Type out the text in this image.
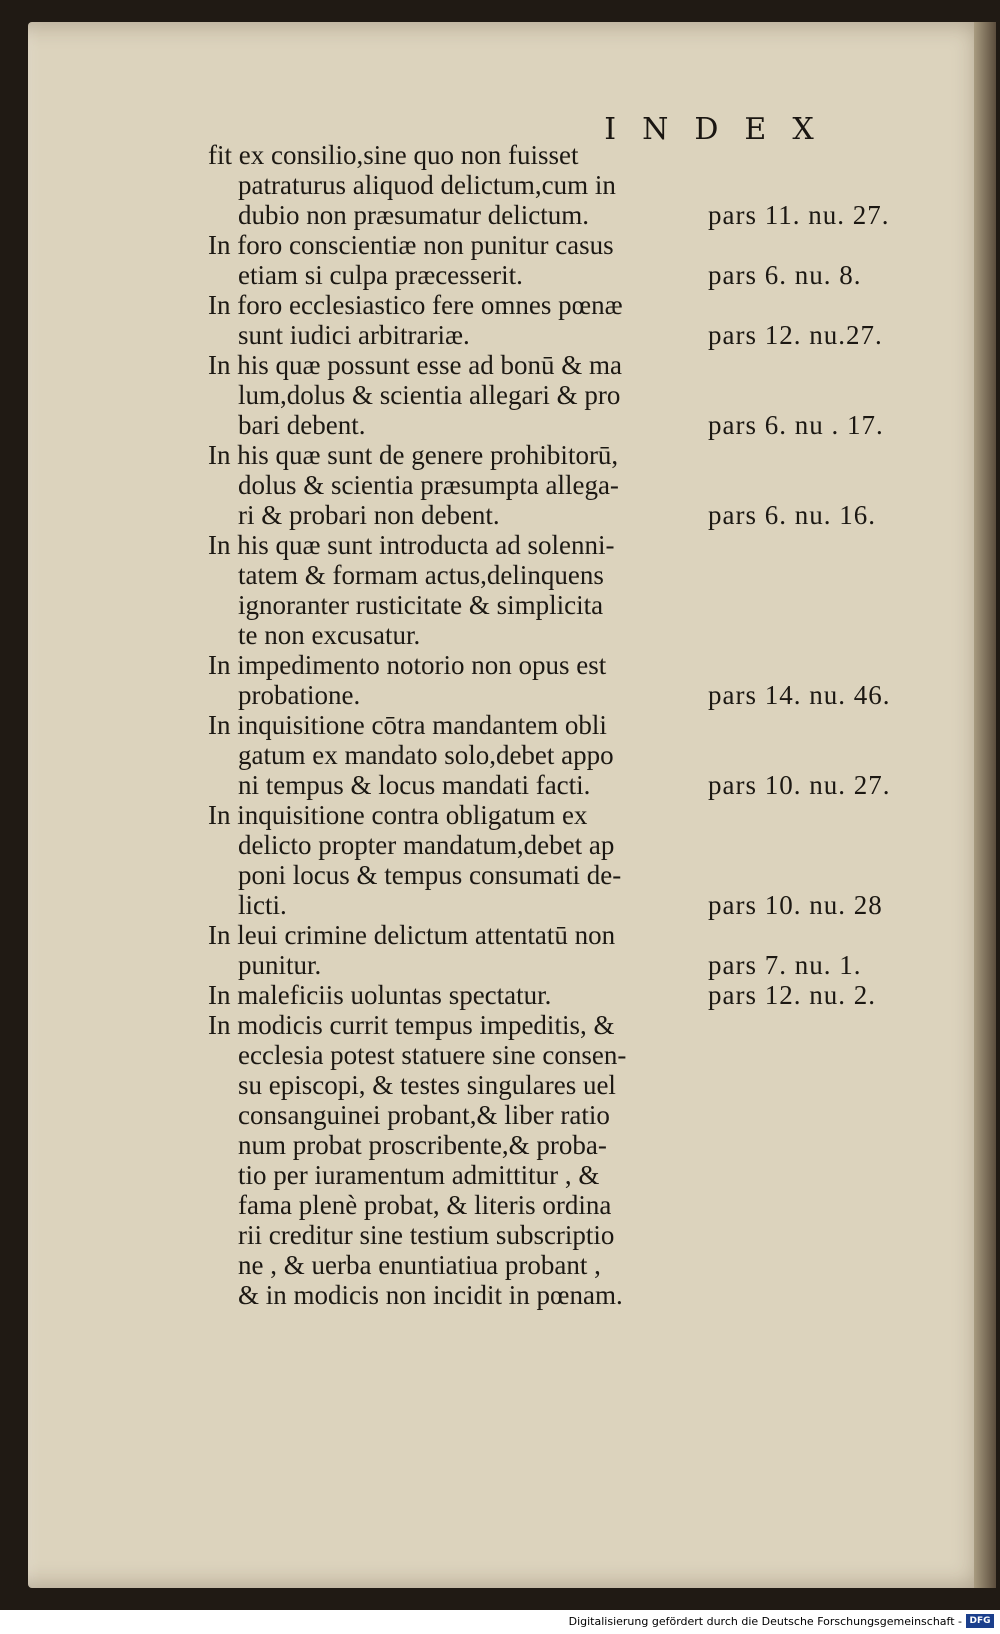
INDEX
fit ex consilio,sine quo non fuisset
patraturus aliquod delictum,cum in
dubio non præsumatur delictum.	pars 11. nu. 27.
In foro conscientiæ non punitur casus
etiam si culpa præcesserit.	pars 6. nu. 8.
In foro ecclesiastico fere omnes pœnæ
sunt iudici arbitrariæ.	pars 12. nu.27.
In his quæ possunt esse ad bonū & ma
lum,dolus & scientia allegari & pro
bari debent.	pars 6. nu . 17.
In his quæ sunt de genere prohibitorū,
dolus & scientia præsumpta allega-
ri & probari non debent.	pars 6. nu. 16.
In his quæ sunt introducta ad solenni-
tatem & formam actus,delinquens
ignoranter rusticitate & simplicita
te non excusatur.
In impedimento notorio non opus est
probatione.	pars 14. nu. 46.
In inquisitione cōtra mandantem obli
gatum ex mandato solo,debet appo
ni tempus & locus mandati facti.	pars 10. nu. 27.
In inquisitione contra obligatum ex
delicto propter mandatum,debet ap
poni locus & tempus consumati de-
licti.	pars 10. nu. 28
In leui crimine delictum attentatū non
punitur.	pars 7. nu. 1.
In maleficiis uoluntas spectatur.	pars 12. nu. 2.
In modicis currit tempus impeditis, &
ecclesia potest statuere sine consen-
su episcopi, & testes singulares uel
consanguinei probant,& liber ratio
num probat proscribente,& proba-
tio per iuramentum admittitur , &
fama plenè probat, & literis ordina
rii creditur sine testium subscriptio
ne , & uerba enuntiatiua probant ,
& in modicis non incidit in pœnam.
Digitalisierung gefördert durch die Deutsche Forschungsgemeinschaft - DFG
